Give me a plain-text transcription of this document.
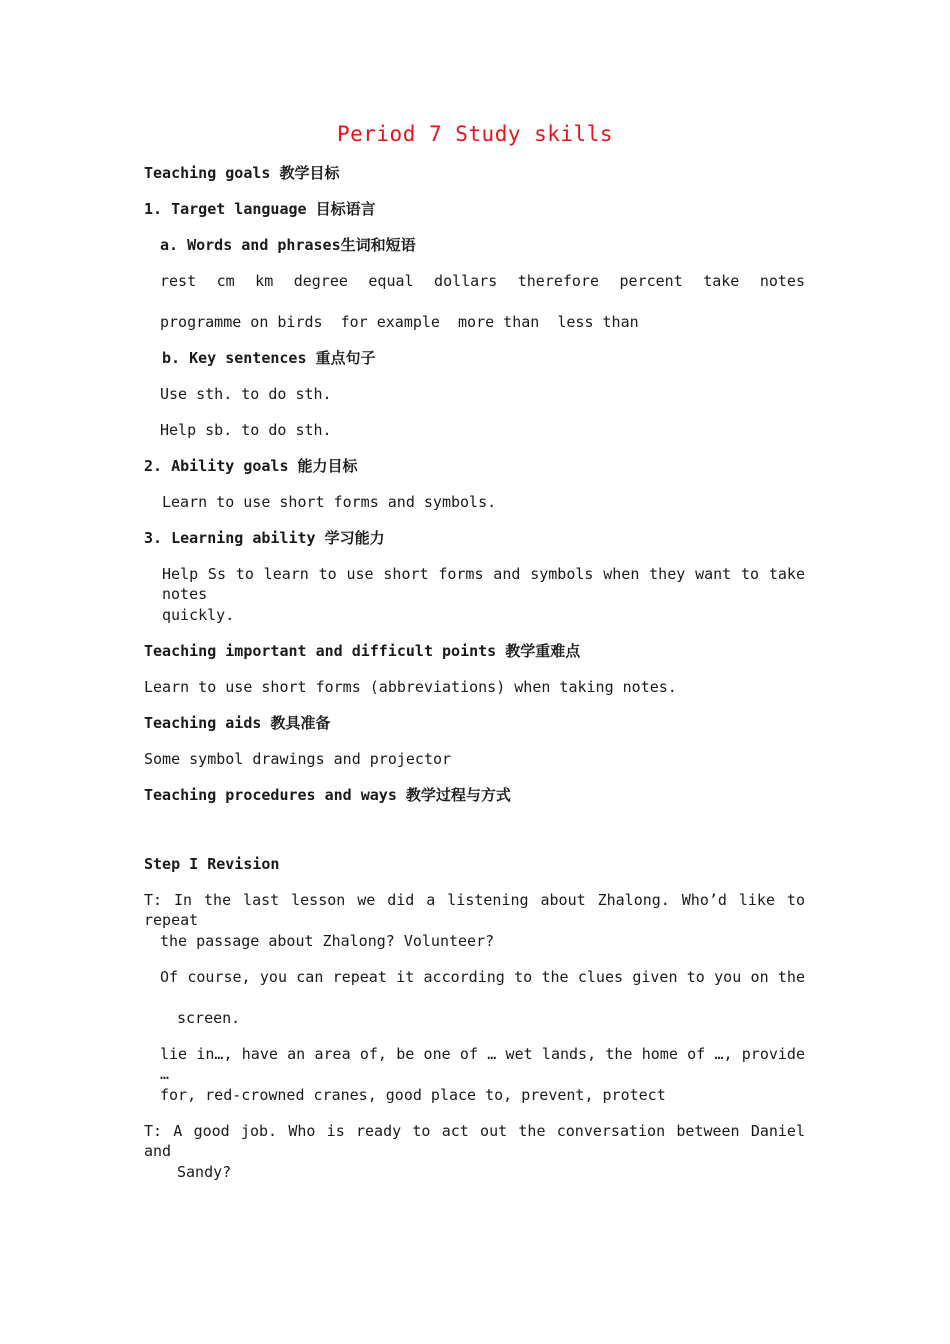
Period 7 Study skills
Teaching goals 教学目标
1. Target language 目标语言
a. Words and phrases生词和短语
rest cm km degree equal dollars therefore percent take notes
programme on birds  for example  more than  less than
b. Key sentences 重点句子
Use sth. to do sth.
Help sb. to do sth.
2. Ability goals 能力目标
Learn to use short forms and symbols.
3. Learning ability 学习能力
Help Ss to learn to use short forms and symbols when they want to take notes
quickly.
Teaching important and difficult points 教学重难点
Learn to use short forms (abbreviations) when taking notes.
Teaching aids 教具准备
Some symbol drawings and projector
Teaching procedures and ways 教学过程与方式
Step I Revision
T: In the last lesson we did a listening about Zhalong. Who’d like to repeat
the passage about Zhalong? Volunteer?
Of course, you can repeat it according to the clues given to you on the
screen.
lie in…, have an area of, be one of … wet lands, the home of …, provide …
for, red-crowned cranes, good place to, prevent, protect
T: A good job. Who is ready to act out the conversation between Daniel and
Sandy?
